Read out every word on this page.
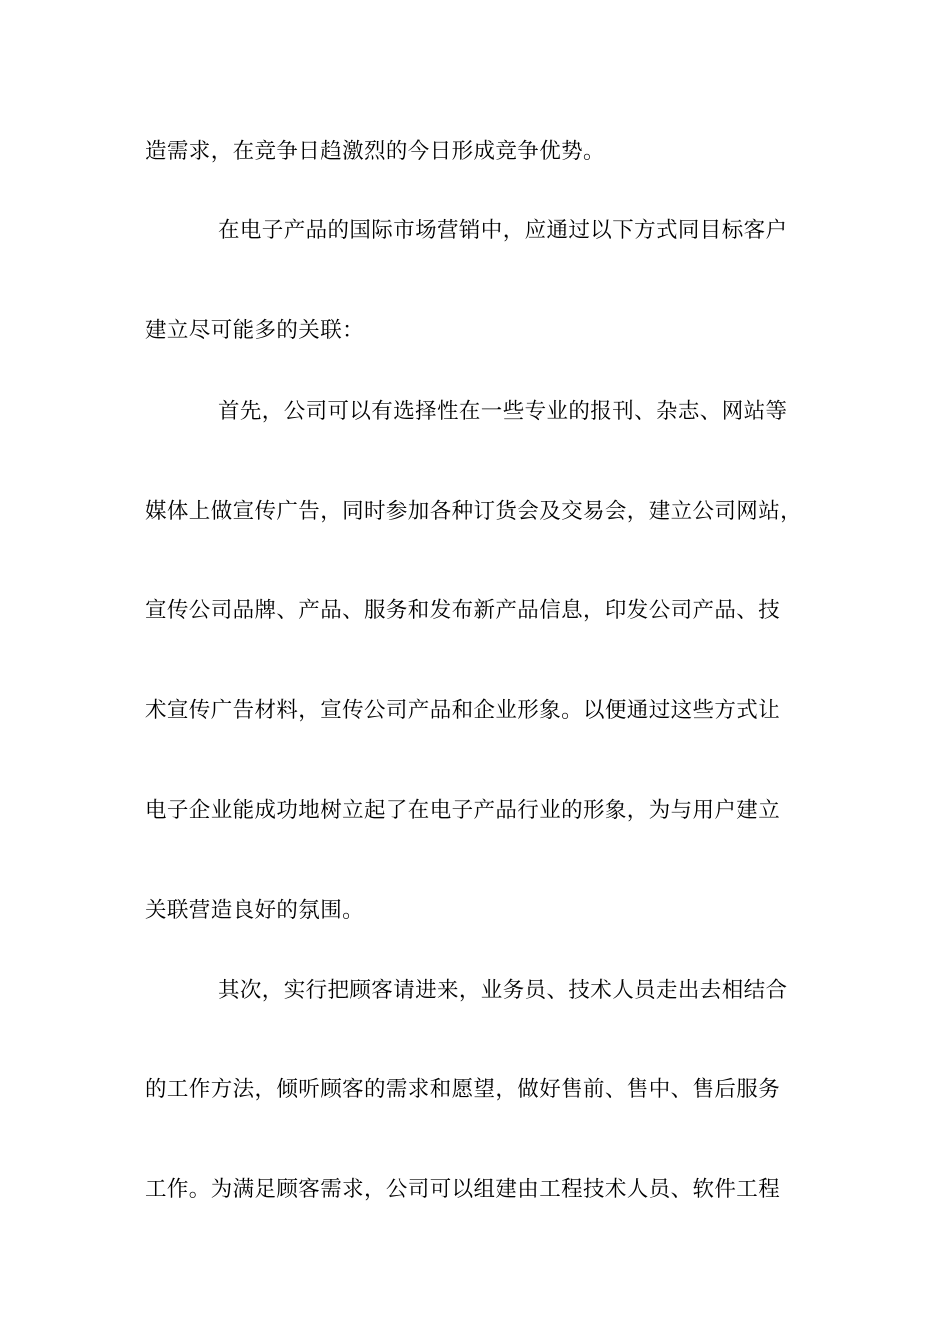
造需求，在竞争日趋激烈的今日形成竞争优势。
在电子产品的国际市场营销中，应通过以下方式同目标客户
建立尽可能多的关联：
首先，公司可以有选择性在一些专业的报刊、杂志、网站等
媒体上做宣传广告，同时参加各种订货会及交易会，建立公司网站，
宣传公司品牌、产品、服务和发布新产品信息，印发公司产品、技
术宣传广告材料，宣传公司产品和企业形象。以便通过这些方式让
电子企业能成功地树立起了在电子产品行业的形象，为与用户建立
关联营造良好的氛围。
其次，实行把顾客请进来，业务员、技术人员走出去相结合
的工作方法，倾听顾客的需求和愿望，做好售前、售中、售后服务
工作。为满足顾客需求，公司可以组建由工程技术人员、软件工程
